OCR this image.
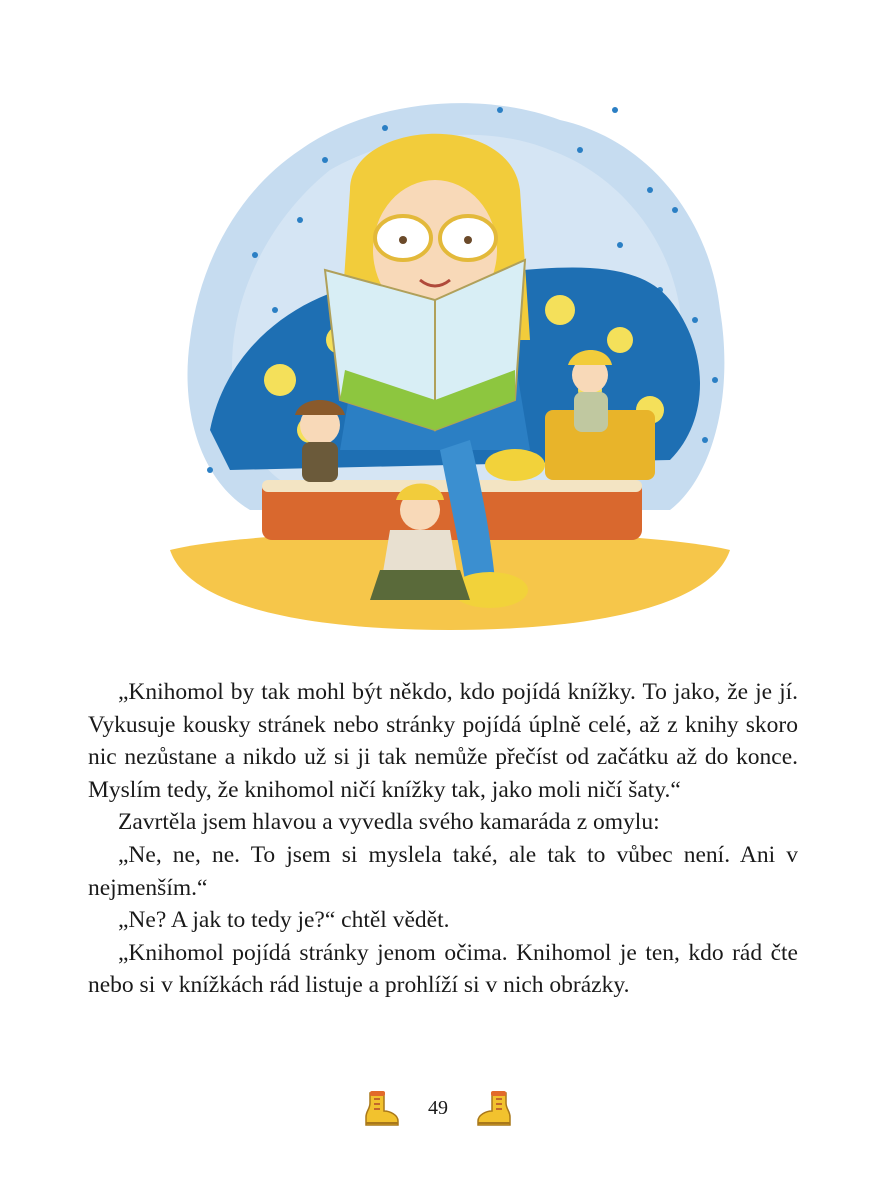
„Knihomol by tak mohl být někdo, kdo pojídá knížky. To jako, že je jí. Vykusuje kousky stránek nebo stránky pojídá úplně celé, až z knihy skoro nic nezůstane a nikdo už si ji tak nemůže přečíst od začátku až do konce. Myslím tedy, že knihomol ničí knížky tak, jako moli ničí šaty.“

Zavrtěla jsem hlavou a vyvedla svého kamaráda z omylu:

„Ne, ne, ne. To jsem si myslela také, ale tak to vůbec není. Ani v nejmenším.“

„Ne? A jak to tedy je?“ chtěl vědět.

„Knihomol pojídá stránky jenom očima. Knihomol je ten, kdo rád čte nebo si v knížkách rád listuje a prohlíží si v nich obrázky.

49
